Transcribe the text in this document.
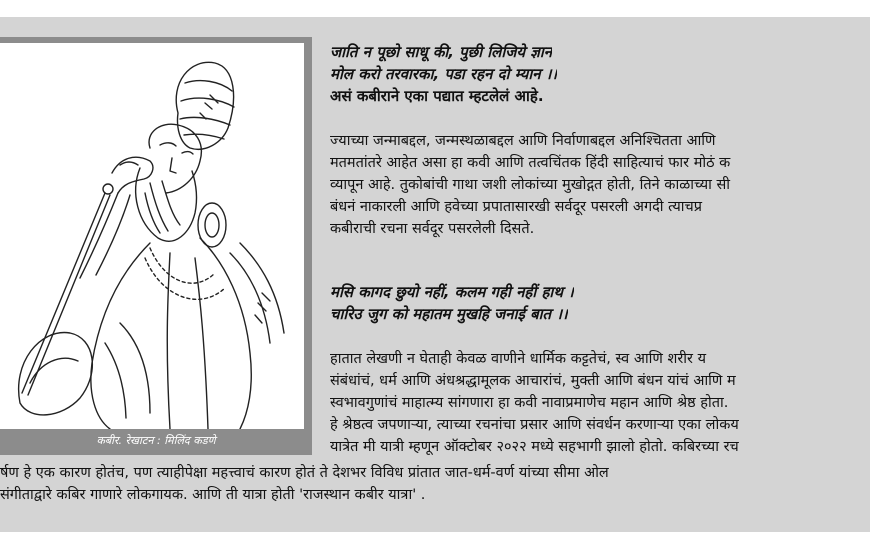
कबीर. रेखाटन : मिलिंद कडणे
जाति न पूछो साधू की, पुछी लिजिये ज्ञान
मोल करो तरवारका, पडा रहन दो म्यान ।।
असं कबीराने एका पद्यात म्हटलेलं आहे.
ज्याच्या जन्माबद्दल, जन्मस्थळाबद्दल आणि निर्वाणाबद्दल अनिश्चितता आणि
मतमतांतरे आहेत असा हा कवी आणि तत्वचिंतक हिंदी साहित्याचं फार मोठं क
व्यापून आहे. तुकोबांची गाथा जशी लोकांच्या मुखोद्गत होती, तिने काळाच्या सी
बंधनं नाकारली आणि हवेच्या प्रपातासारखी सर्वदूर पसरली अगदी त्याचप्र
कबीराची रचना सर्वदूर पसरलेली दिसते.
मसि कागद छुयो नहीं, कलम गही नहीं हाथ ।
चारिउ जुग को महातम मुखहि जनाई बात ।।
हातात लेखणी न घेताही केवळ वाणीने धार्मिक कट्टतेचं, स्व आणि शरीर य
संबंधांचं, धर्म आणि अंधश्रद्धामूलक आचारांचं, मुक्ती आणि बंधन यांचं आणि म
स्वभावगुणांचं माहात्म्य सांगणारा हा कवी नावाप्रमाणेच महान आणि श्रेष्ठ होता.
हे श्रेष्ठत्व जपणाऱ्या, त्याच्या रचनांचा प्रसार आणि संवर्धन करणाऱ्या एका लोकय
यात्रेत मी यात्री म्हणून ऑक्टोबर २०२२ मध्ये सहभागी झालो होतो. कबिरच्या रच
र्षण हे एक कारण होतंच, पण त्याहीपेक्षा महत्त्वाचं कारण होतं ते देशभर विविध प्रांतात जात-धर्म-वर्ण यांच्या सीमा ओल
संगीताद्वारे कबिर गाणारे लोकगायक. आणि ती यात्रा होती 'राजस्थान कबीर यात्रा' .
